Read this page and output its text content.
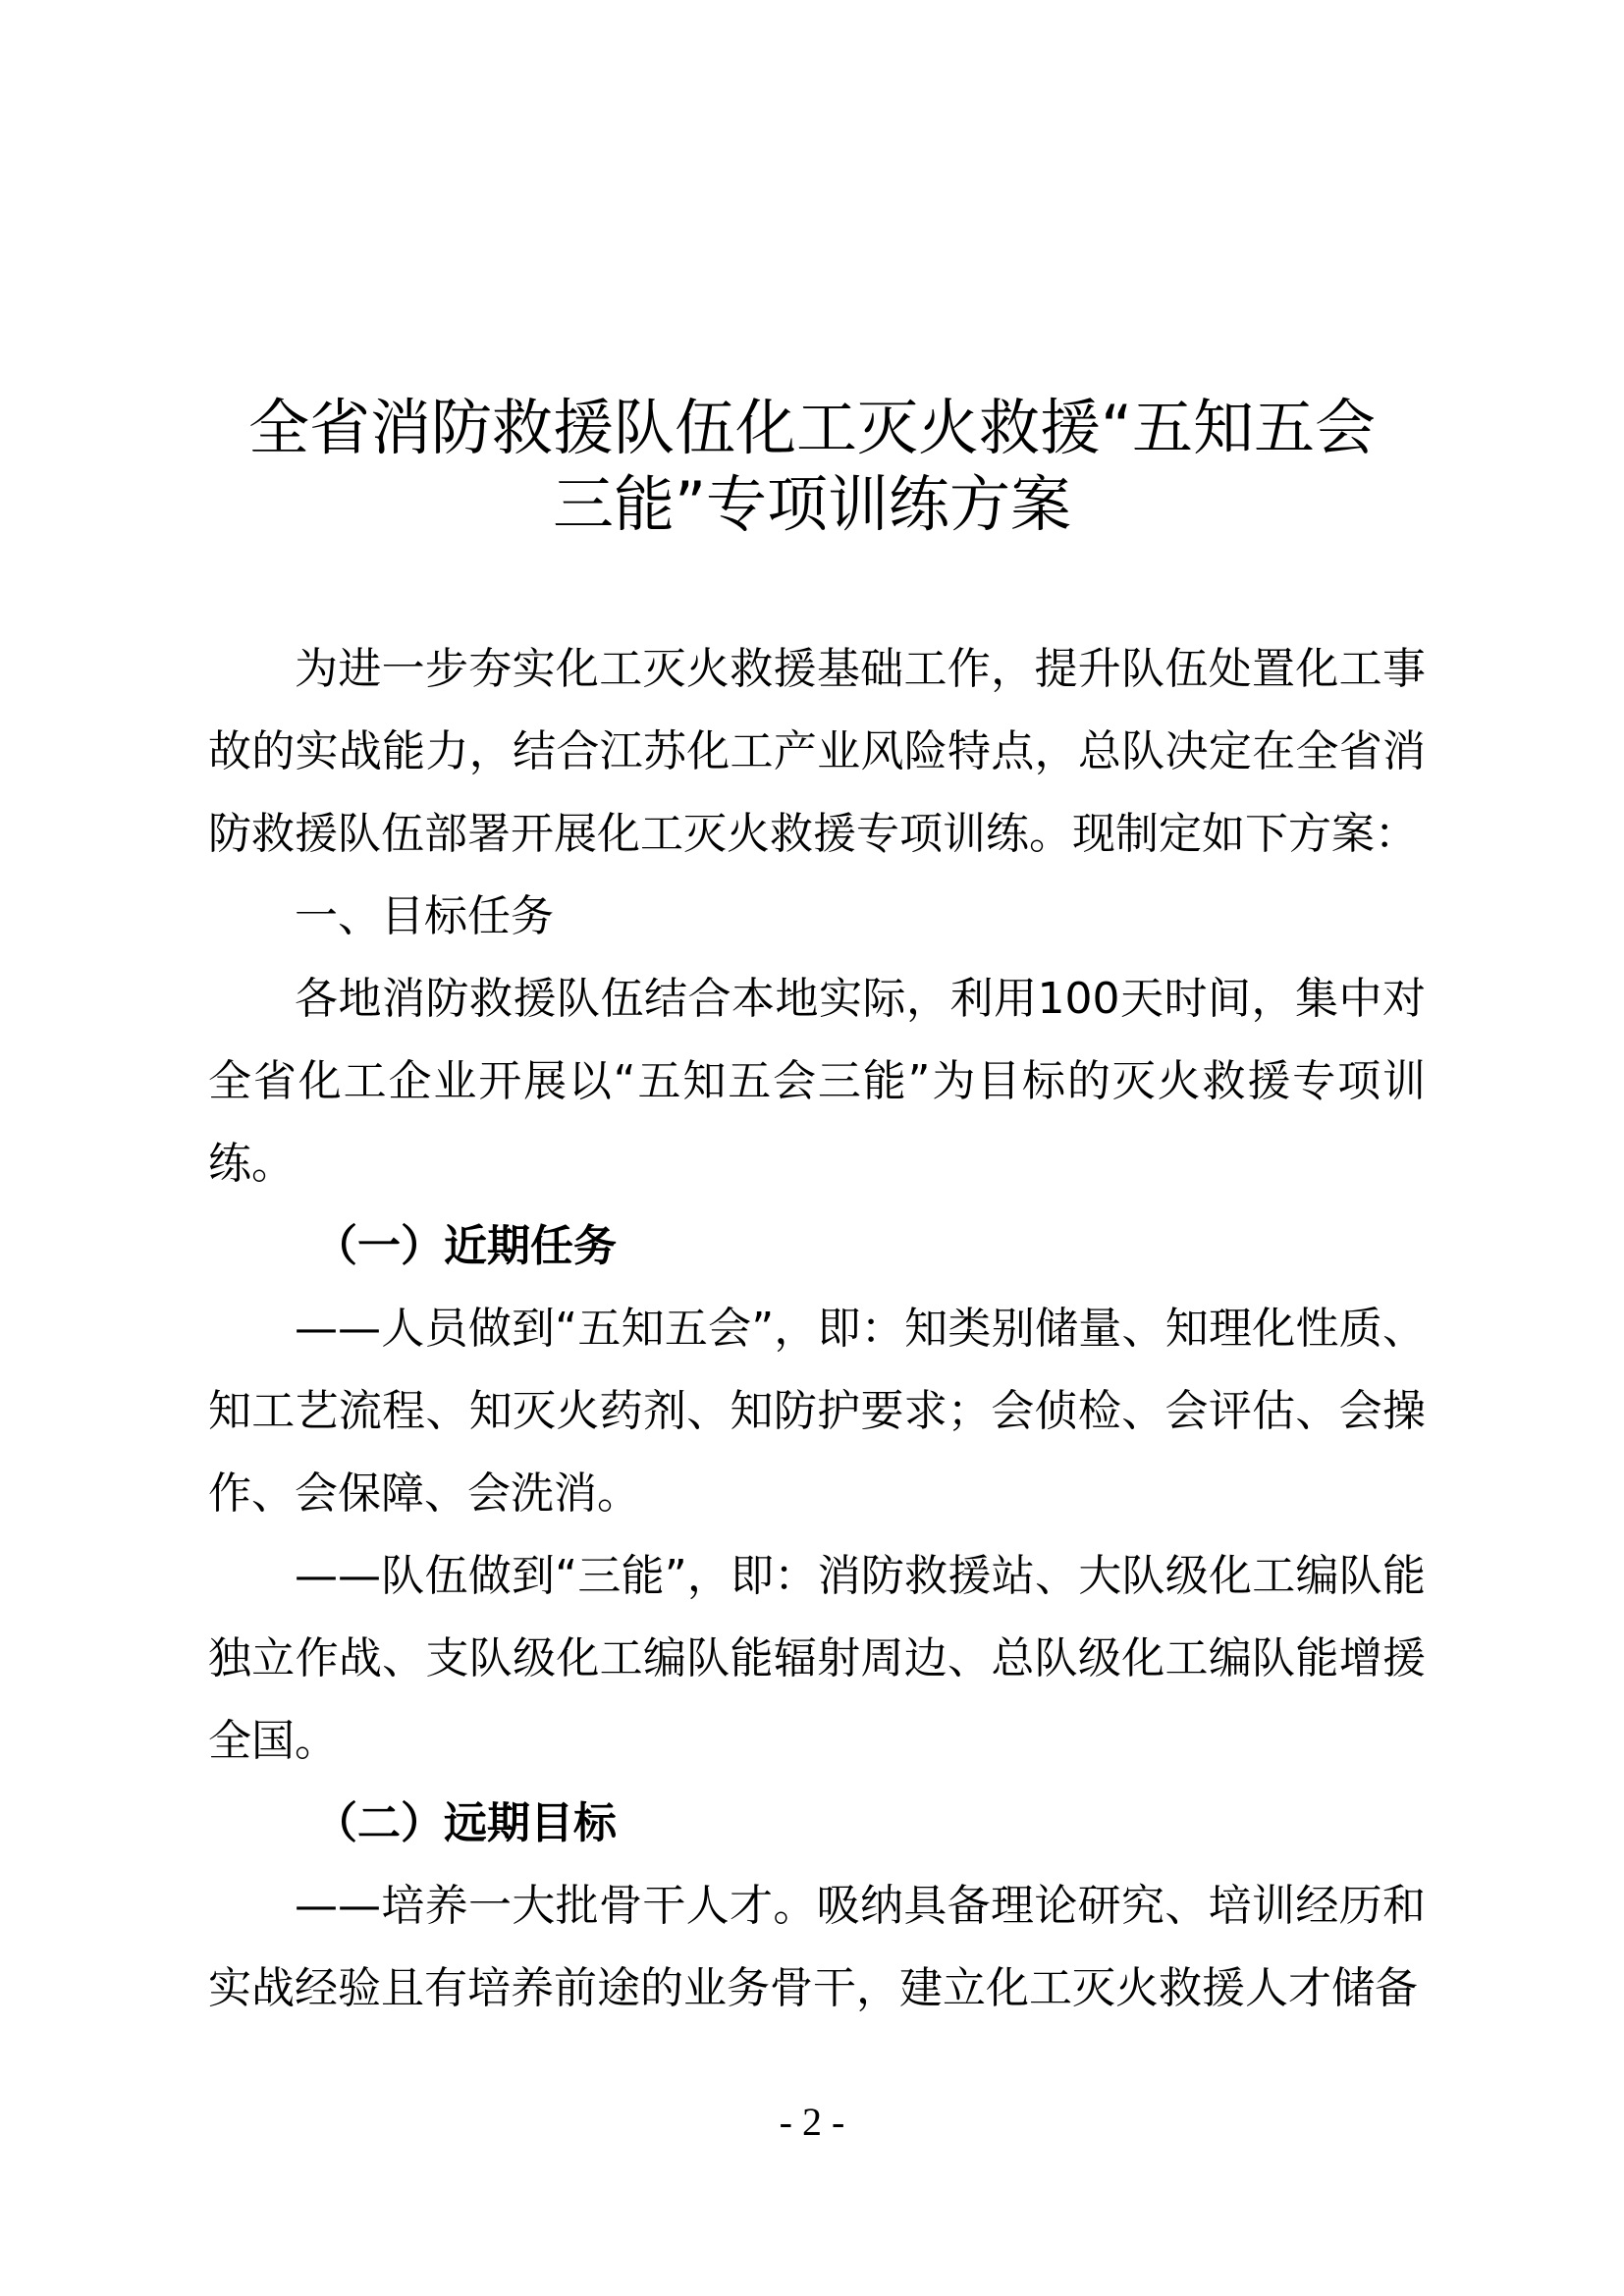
全省消防救援队伍化工灭火救援“五知五会
三能”专项训练方案

为进一步夯实化工灭火救援基础工作，提升队伍处置化工事故的实战能力，结合江苏化工产业风险特点，总队决定在全省消防救援队伍部署开展化工灭火救援专项训练。现制定如下方案：

一、目标任务

各地消防救援队伍结合本地实际，利用100天时间，集中对全省化工企业开展以“五知五会三能”为目标的灭火救援专项训练。

（一）近期任务

——人员做到“五知五会”，即：知类别储量、知理化性质、知工艺流程、知灭火药剂、知防护要求；会侦检、会评估、会操作、会保障、会洗消。

——队伍做到“三能”，即：消防救援站、大队级化工编队能独立作战、支队级化工编队能辐射周边、总队级化工编队能增援全国。

（二）远期目标

——培养一大批骨干人才。吸纳具备理论研究、培训经历和实战经验且有培养前途的业务骨干，建立化工灭火救援人才储备

- 2 -
